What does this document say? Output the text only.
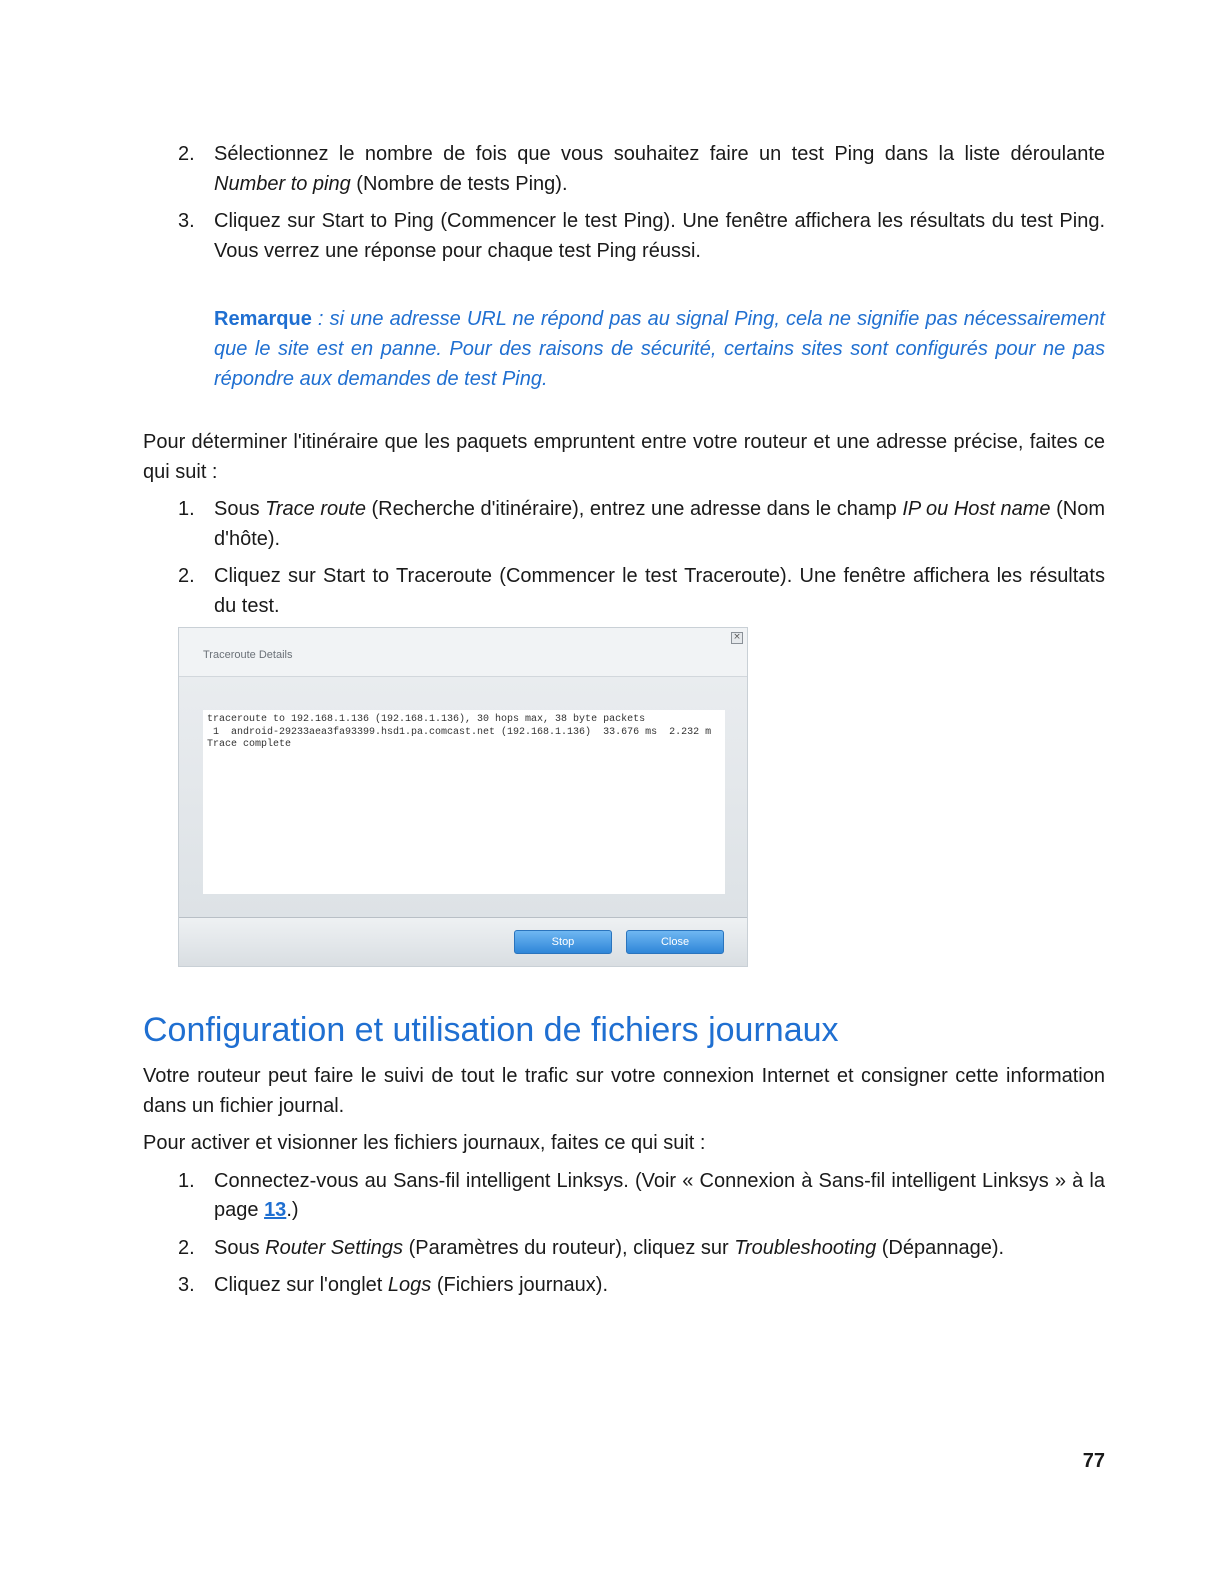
2. Sélectionnez le nombre de fois que vous souhaitez faire un test Ping dans la liste déroulante Number to ping (Nombre de tests Ping).
3. Cliquez sur Start to Ping (Commencer le test Ping). Une fenêtre affichera les résultats du test Ping. Vous verrez une réponse pour chaque test Ping réussi.

Remarque : si une adresse URL ne répond pas au signal Ping, cela ne signifie pas nécessairement que le site est en panne. Pour des raisons de sécurité, certains sites sont configurés pour ne pas répondre aux demandes de test Ping.

Pour déterminer l'itinéraire que les paquets empruntent entre votre routeur et une adresse précise, faites ce qui suit :

1. Sous Trace route (Recherche d'itinéraire), entrez une adresse dans le champ IP ou Host name (Nom d'hôte).
2. Cliquez sur Start to Traceroute (Commencer le test Traceroute). Une fenêtre affichera les résultats du test.
Traceroute Details
×
traceroute to 192.168.1.136 (192.168.1.136), 30 hops max, 38 byte packets
1  android-29233aea3fa93399.hsd1.pa.comcast.net (192.168.1.136)  33.676 ms  2.232 m
Trace complete
Stop	Close
Configuration et utilisation de fichiers journaux

Votre routeur peut faire le suivi de tout le trafic sur votre connexion Internet et consigner cette information dans un fichier journal.

Pour activer et visionner les fichiers journaux, faites ce qui suit :

1. Connectez-vous au Sans-fil intelligent Linksys. (Voir « Connexion à Sans-fil intelligent Linksys » à la page 13.)
2. Sous Router Settings (Paramètres du routeur), cliquez sur Troubleshooting (Dépannage).
3. Cliquez sur l'onglet Logs (Fichiers journaux).
77
